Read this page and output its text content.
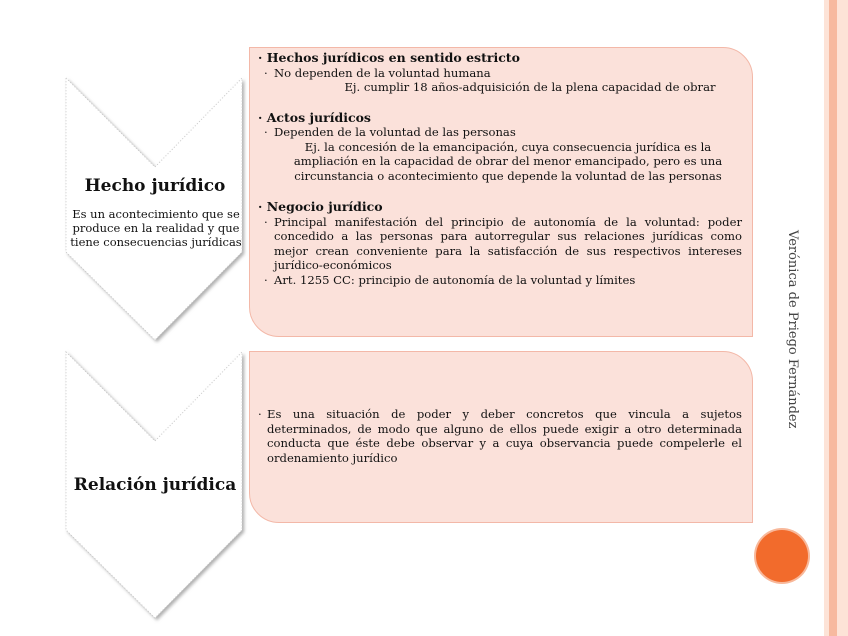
Hecho jurídico
Es un acontecimiento que se produce en la realidad y que tiene consecuencias jurídicas
Relación jurídica
· Hechos jurídicos en sentido estricto
· No dependen de la voluntad humana
Ej. cumplir 18 años-adquisición de la plena capacidad de obrar
· Actos jurídicos
· Dependen de la voluntad de las personas
Ej. la concesión de la emancipación, cuya consecuencia jurídica es la ampliación en la capacidad de obrar del menor emancipado, pero es una circunstancia o acontecimiento que depende la voluntad de las personas
· Negocio jurídico
· Principal manifestación del principio de autonomía de la voluntad: poder concedido a las personas para autorregular sus relaciones jurídicas como mejor crean conveniente para la satisfacción de sus respectivos intereses jurídico-económicos
· Art. 1255 CC: principio de autonomía de la voluntad y límites
· Es una situación de poder y deber concretos que vincula a sujetos determinados, de modo que alguno de ellos puede exigir a otro determinada conducta que éste debe observar y a cuya observancia puede compelerle el ordenamiento jurídico
Verónica de Priego Fernández
